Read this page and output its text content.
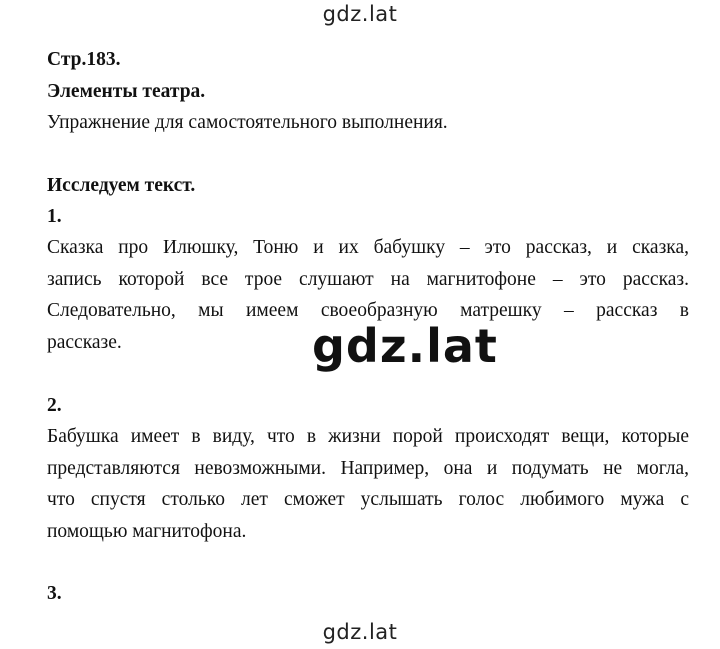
gdz.lat
Стр.183.
Элементы театра.
Упражнение для самостоятельного выполнения.
Исследуем текст.
1.
Сказка про Илюшку, Тоню и их бабушку – это рассказ, и сказка,
запись которой все трое слушают на магнитофоне – это рассказ.
Следовательно, мы имеем своеобразную матрешку – рассказ в
рассказе.	gdz.lat
2.
Бабушка имеет в виду, что в жизни порой происходят вещи, которые
представляются невозможными. Например, она и подумать не могла,
что спустя столько лет сможет услышать голос любимого мужа с
помощью магнитофона.
3.
gdz.lat
